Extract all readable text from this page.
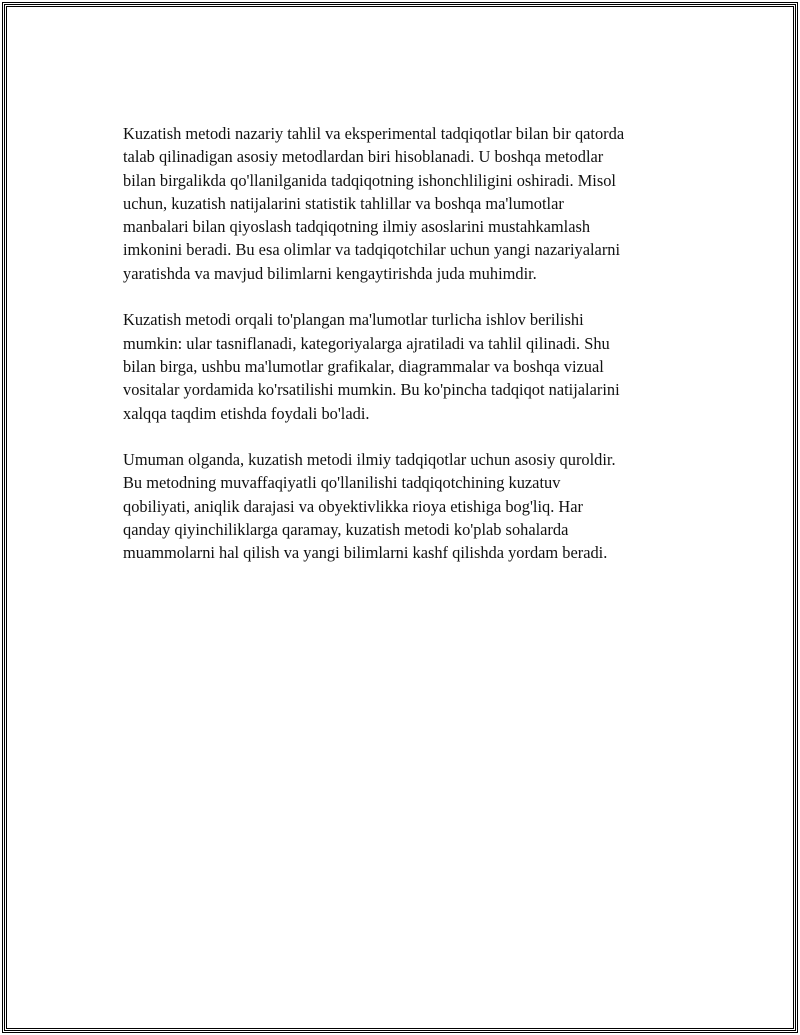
Kuzatish metodi nazariy tahlil va eksperimental tadqiqotlar bilan bir qatorda
talab qilinadigan asosiy metodlardan biri hisoblanadi. U boshqa metodlar
bilan birgalikda qo'llanilganida tadqiqotning ishonchliligini oshiradi. Misol
uchun, kuzatish natijalarini statistik tahlillar va boshqa ma'lumotlar
manbalari bilan qiyoslash tadqiqotning ilmiy asoslarini mustahkamlash
imkonini beradi. Bu esa olimlar va tadqiqotchilar uchun yangi nazariyalarni
yaratishda va mavjud bilimlarni kengaytirishda juda muhimdir.

Kuzatish metodi orqali to'plangan ma'lumotlar turlicha ishlov berilishi
mumkin: ular tasniflanadi, kategoriyalarga ajratiladi va tahlil qilinadi. Shu
bilan birga, ushbu ma'lumotlar grafikalar, diagrammalar va boshqa vizual
vositalar yordamida ko'rsatilishi mumkin. Bu ko'pincha tadqiqot natijalarini
xalqqa taqdim etishda foydali bo'ladi.

Umuman olganda, kuzatish metodi ilmiy tadqiqotlar uchun asosiy quroldir.
Bu metodning muvaffaqiyatli qo'llanilishi tadqiqotchining kuzatuv
qobiliyati, aniqlik darajasi va obyektivlikka rioya etishiga bog'liq. Har
qanday qiyinchiliklarga qaramay, kuzatish metodi ko'plab sohalarda
muammolarni hal qilish va yangi bilimlarni kashf qilishda yordam beradi.
